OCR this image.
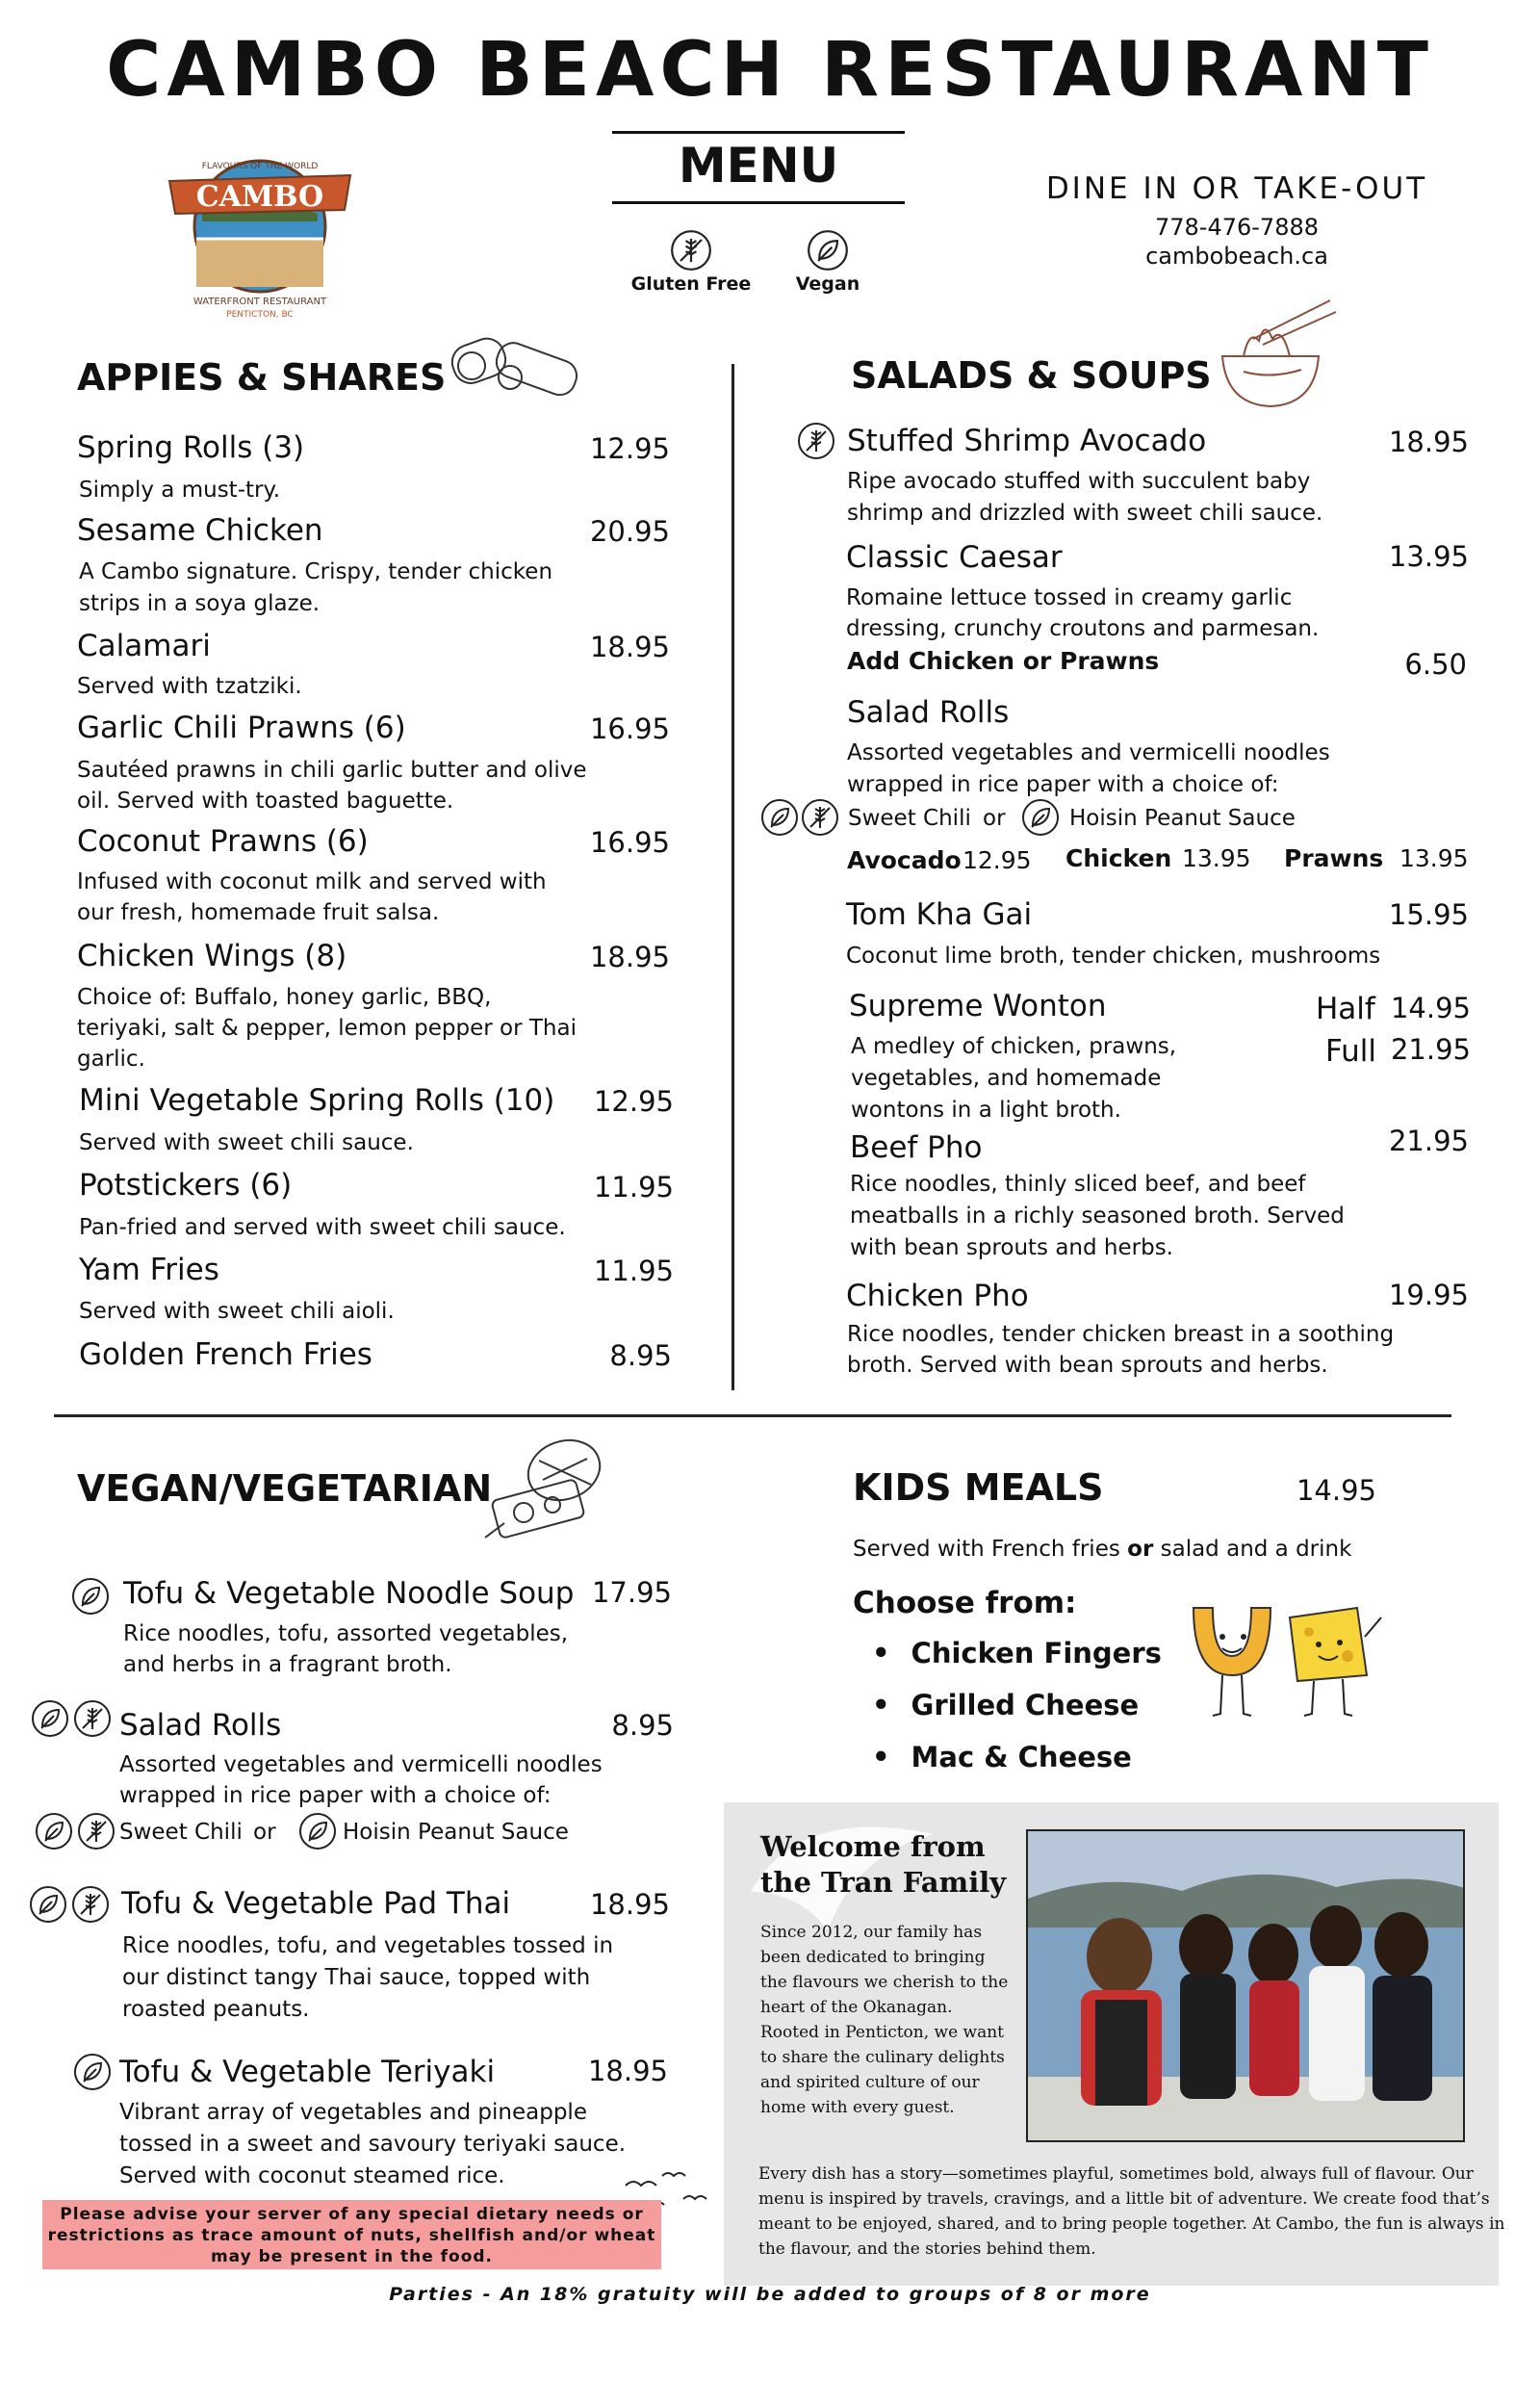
CAMBO BEACH RESTAURANT
CAMBO
FLAVOURS OF THE WORLD
WATERFRONT RESTAURANT
PENTICTON, BC
MENU
Gluten Free	Vegan
DINE IN OR TAKE-OUT
778-476-7888
cambobeach.ca
APPIES & SHARES
Spring Rolls (3)	12.95
Simply a must-try.
Sesame Chicken	20.95
A Cambo signature. Crispy, tender chicken
strips in a soya glaze.
Calamari	18.95
Served with tzatziki.
Garlic Chili Prawns (6)	16.95
Sautéed prawns in chili garlic butter and olive
oil. Served with toasted baguette.
Coconut Prawns (6)	16.95
Infused with coconut milk and served with
our fresh, homemade fruit salsa.
Chicken Wings (8)	18.95
Choice of: Buffalo, honey garlic, BBQ,
teriyaki, salt & pepper, lemon pepper or Thai
garlic.
Mini Vegetable Spring Rolls (10)	12.95
Served with sweet chili sauce.
Potstickers (6)	11.95
Pan-fried and served with sweet chili sauce.
Yam Fries	11.95
Served with sweet chili aioli.
Golden French Fries	8.95
SALADS & SOUPS
Stuffed Shrimp Avocado	18.95
Ripe avocado stuffed with succulent baby
shrimp and drizzled with sweet chili sauce.
Classic Caesar	13.95
Romaine lettuce tossed in creamy garlic
dressing, crunchy croutons and parmesan.
Add Chicken or Prawns	6.50
Salad Rolls
Assorted vegetables and vermicelli noodles
wrapped in rice paper with a choice of:
Sweet Chili or	Hoisin Peanut Sauce
Avocado 12.95 Chicken 13.95 Prawns 13.95
Tom Kha Gai	15.95
Coconut lime broth, tender chicken, mushrooms
Supreme Wonton	Half 14.95
Full 21.95
A medley of chicken, prawns,
vegetables, and homemade
wontons in a light broth.
Beef Pho	21.95
Rice noodles, thinly sliced beef, and beef
meatballs in a richly seasoned broth. Served
with bean sprouts and herbs.
Chicken Pho	19.95
Rice noodles, tender chicken breast in a soothing
broth. Served with bean sprouts and herbs.
VEGAN/VEGETARIAN
Tofu & Vegetable Noodle Soup 17.95
Rice noodles, tofu, assorted vegetables,
and herbs in a fragrant broth.
Salad Rolls	8.95
Assorted vegetables and vermicelli noodles
wrapped in rice paper with a choice of:
Sweet Chili or	Hoisin Peanut Sauce
Tofu & Vegetable Pad Thai	18.95
Rice noodles, tofu, and vegetables tossed in
our distinct tangy Thai sauce, topped with
roasted peanuts.
Tofu & Vegetable Teriyaki	18.95
Vibrant array of vegetables and pineapple
tossed in a sweet and savoury teriyaki sauce.
Served with coconut steamed rice.
KIDS MEALS	14.95
Served with French fries or salad and a drink
Choose from:
• Chicken Fingers
• Grilled Cheese
• Mac & Cheese
Welcome from
the Tran Family
Since 2012, our family has
been dedicated to bringing
the flavours we cherish to the
heart of the Okanagan.
Rooted in Penticton, we want
to share the culinary delights
and spirited culture of our
home with every guest.
Every dish has a story—sometimes playful, sometimes bold, always full of flavour. Our
menu is inspired by travels, cravings, and a little bit of adventure. We create food that’s
meant to be enjoyed, shared, and to bring people together. At Cambo, the fun is always in
the flavour, and the stories behind them.
Please advise your server of any special dietary needs or
restrictions as trace amount of nuts, shellfish and/or wheat
may be present in the food.
Parties - An 18% gratuity will be added to groups of 8 or more
